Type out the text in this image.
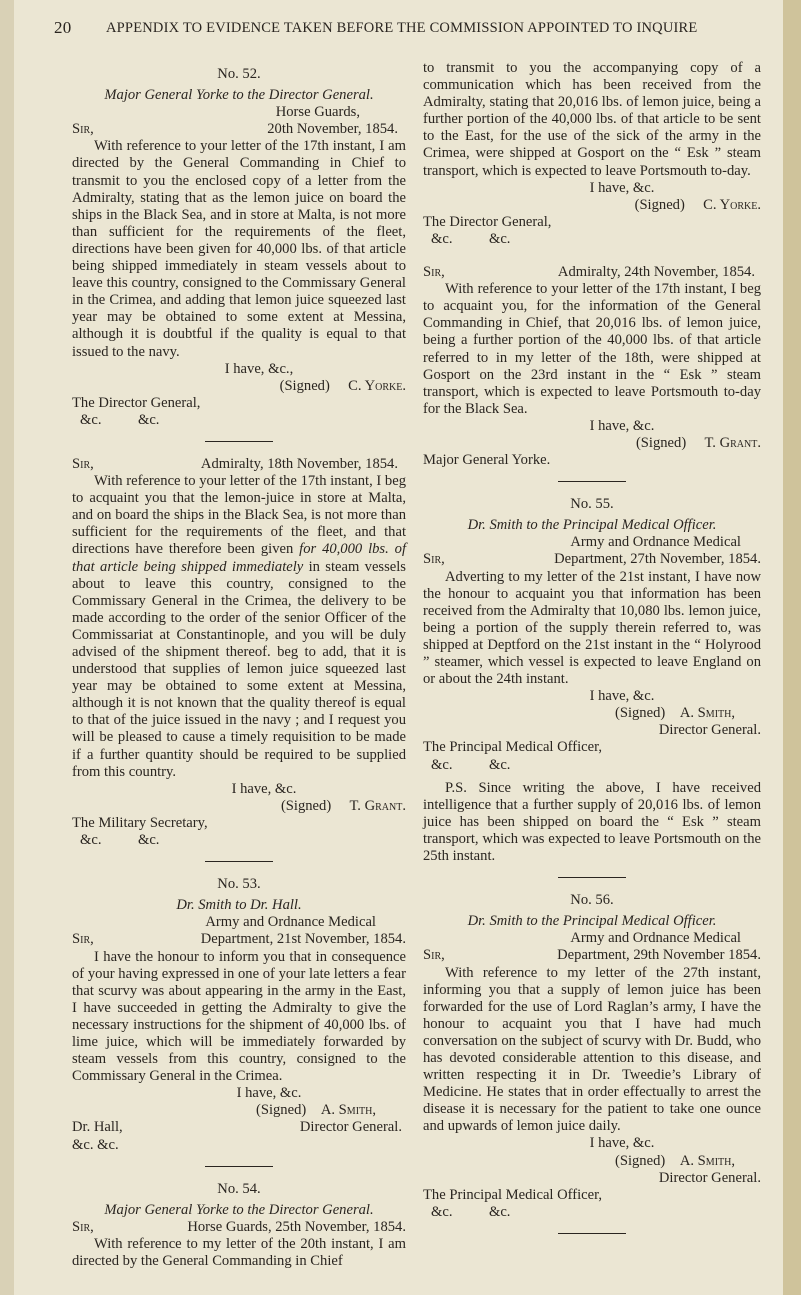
20 APPENDIX TO EVIDENCE TAKEN BEFORE THE COMMISSION APPOINTED TO INQUIRE

No. 52.

Major General Yorke to the Director General.

Horse Guards,

Sir,	20th November, 1854.

With reference to your letter of the 17th instant, I am directed by the General Commanding in Chief to transmit to you the enclosed copy of a letter from the Admiralty, stating that as the lemon juice on board the ships in the Black Sea, and in store at Malta, is not more than sufficient for the requirements of the fleet, directions have been given for 40,000 lbs. of that article being shipped immediately in steam vessels about to leave this country, consigned to the Commissary General in the Crimea, and adding that lemon juice squeezed last year may be obtained to some extent at Messina, although it is doubtful if the quality is equal to that issued to the navy.

I have, &c.,

(Signed) C. Yorke.

The Director General,

&c.          &c.

Sir,	Admiralty, 18th November, 1854.

With reference to your letter of the 17th instant, I beg to acquaint you that the lemon-juice in store at Malta, and on board the ships in the Black Sea, is not more than sufficient for the requirements of the fleet, and that directions have therefore been given for 40,000 lbs. of that article being shipped immediately in steam vessels about to leave this country, consigned to the Commissary General in the Crimea, the delivery to be made according to the order of the senior Officer of the Commissariat at Constantinople, and you will be duly advised of the shipment thereof. beg to add, that it is understood that supplies of lemon juice squeezed last year may be obtained to some extent at Messina, although it is not known that the quality thereof is equal to that of the juice issued in the navy ; and I request you will be pleased to cause a timely requisition to be made if a further quantity should be required to be supplied from this country.

I have, &c.

(Signed) T. Grant.

The Military Secretary,

&c.          &c.

No. 53.

Dr. Smith to Dr. Hall.

Army and Ordnance Medical

Sir,	Department, 21st November, 1854.

I have the honour to inform you that in consequence of your having expressed in one of your late letters a fear that scurvy was about appearing in the army in the East, I have succeeded in getting the Admiralty to give the necessary instructions for the shipment of 40,000 lbs. of lime juice, which will be immediately forwarded by steam vessels from this country, consigned to the Commissary General in the Crimea.

I have, &c.

(Signed) A. Smith,

Dr. Hall,	Director General.

&c. &c.

No. 54.

Major General Yorke to the Director General.

Sir,	Horse Guards, 25th November, 1854.

With reference to my letter of the 20th instant, I am directed by the General Commanding in Chief

to transmit to you the accompanying copy of a communication which has been received from the Admiralty, stating that 20,016 lbs. of lemon juice, being a further portion of the 40,000 lbs. of that article to be sent to the East, for the use of the sick of the army in the Crimea, were shipped at Gosport on the “ Esk ” steam transport, which is expected to leave Portsmouth to-day.

I have, &c.

(Signed) C. Yorke.

The Director General,

&c.          &c.

Sir,	Admiralty, 24th November, 1854.

With reference to your letter of the 17th instant, I beg to acquaint you, for the information of the General Commanding in Chief, that 20,016 lbs. of lemon juice, being a further portion of the 40,000 lbs. of that article referred to in my letter of the 18th, were shipped at Gosport on the 23rd instant in the “ Esk ” steam transport, which is expected to leave Portsmouth to-day for the Black Sea.

I have, &c.

(Signed) T. Grant.

Major General Yorke.

No. 55.

Dr. Smith to the Principal Medical Officer.

Army and Ordnance Medical

Sir,	Department, 27th November, 1854.

Adverting to my letter of the 21st instant, I have now the honour to acquaint you that information has been received from the Admiralty that 10,080 lbs. lemon juice, being a portion of the supply therein referred to, was shipped at Deptford on the 21st instant in the “ Holyrood ” steamer, which vessel is expected to leave England on or about the 24th instant.

I have, &c.

(Signed) A. Smith,

Director General.

The Principal Medical Officer,

&c.          &c.

P.S. Since writing the above, I have received intelligence that a further supply of 20,016 lbs. of lemon juice has been shipped on board the “ Esk ” steam transport, which was expected to leave Portsmouth on the 25th instant.

No. 56.

Dr. Smith to the Principal Medical Officer.

Army and Ordnance Medical

Sir,	Department, 29th November 1854.

With reference to my letter of the 27th instant, informing you that a supply of lemon juice has been forwarded for the use of Lord Raglan’s army, I have the honour to acquaint you that I have had much conversation on the subject of scurvy with Dr. Budd, who has devoted considerable attention to this disease, and written respecting it in Dr. Tweedie’s Library of Medicine. He states that in order effectually to arrest the disease it is necessary for the patient to take one ounce and upwards of lemon juice daily.

I have, &c.

(Signed) A. Smith,

Director General.

The Principal Medical Officer,

&c.          &c.
